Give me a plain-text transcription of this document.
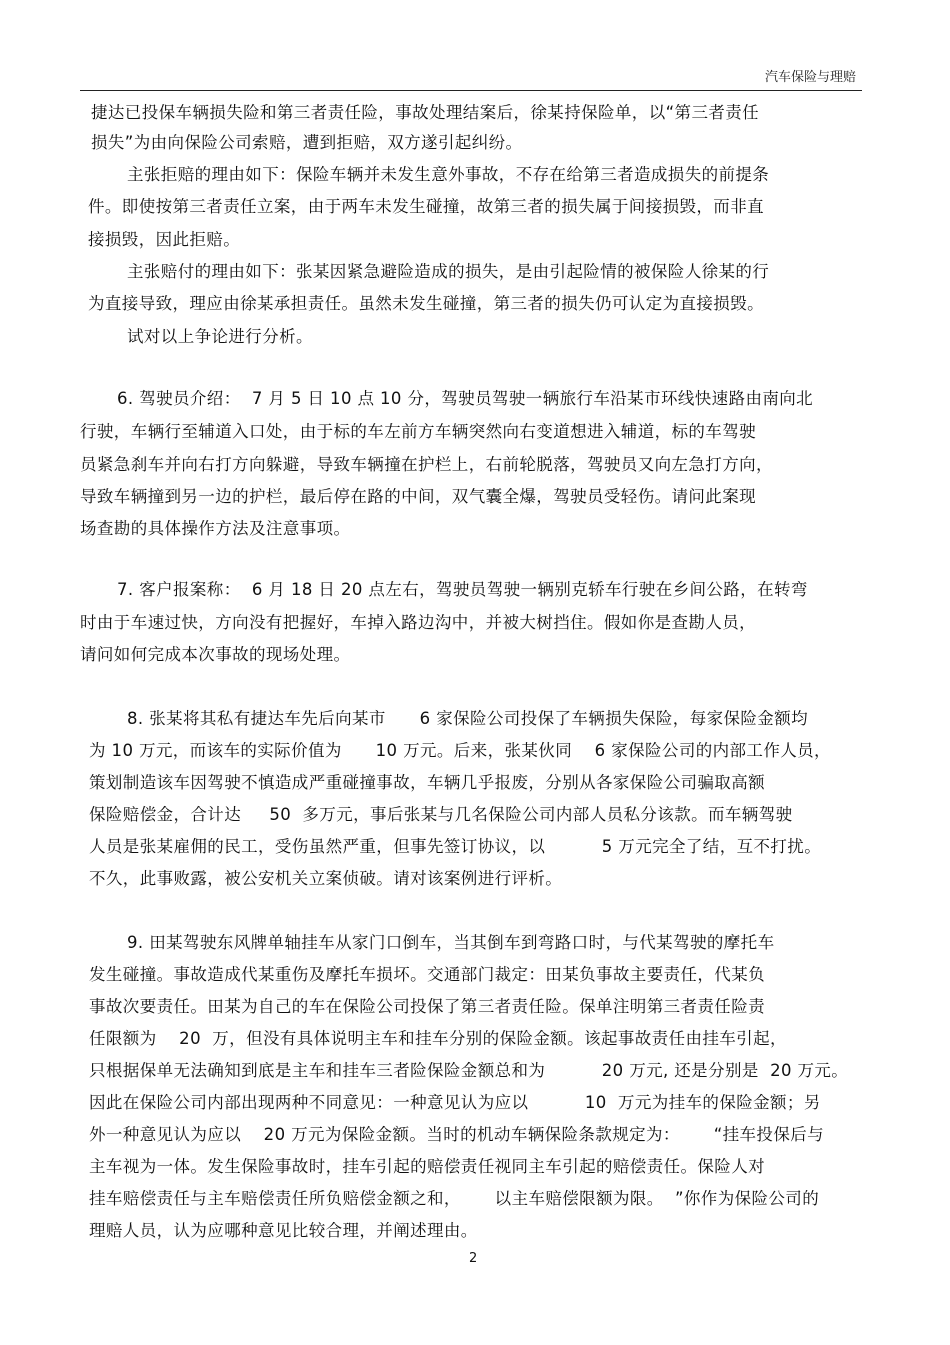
汽车保险与理赔
捷达已投保车辆损失险和第三者责任险，事故处理结案后，徐某持保险单，以“第三者责任
损失”为由向保险公司索赔，遭到拒赔，双方遂引起纠纷。
主张拒赔的理由如下：保险车辆并未发生意外事故，不存在给第三者造成损失的前提条
件。即使按第三者责任立案，由于两车未发生碰撞，故第三者的损失属于间接损毁，而非直
接损毁，因此拒赔。
主张赔付的理由如下：张某因紧急避险造成的损失，是由引起险情的被保险人徐某的行
为直接导致，理应由徐某承担责任。虽然未发生碰撞，第三者的损失仍可认定为直接损毁。
试对以上争论进行分析。
6. 驾驶员介绍：  7 月 5 日 10 点 10 分，驾驶员驾驶一辆旅行车沿某市环线快速路由南向北
行驶，车辆行至辅道入口处，由于标的车左前方车辆突然向右变道想进入辅道，标的车驾驶
员紧急刹车并向右打方向躲避，导致车辆撞在护栏上，右前轮脱落，驾驶员又向左急打方向，
导致车辆撞到另一边的护栏，最后停在路的中间，双气囊全爆，驾驶员受轻伤。请问此案现
场查勘的具体操作方法及注意事项。
7. 客户报案称：  6 月 18 日 20 点左右，驾驶员驾驶一辆别克轿车行驶在乡间公路，在转弯
时由于车速过快，方向没有把握好，车掉入路边沟中，并被大树挡住。假如你是查勘人员，
请问如何完成本次事故的现场处理。
8. 张某将其私有捷达车先后向某市      6 家保险公司投保了车辆损失保险，每家保险金额均
为 10 万元，而该车的实际价值为      10 万元。后来，张某伙同    6 家保险公司的内部工作人员，
策划制造该车因驾驶不慎造成严重碰撞事故，车辆几乎报废，分别从各家保险公司骗取高额
保险赔偿金，合计达     50  多万元，事后张某与几名保险公司内部人员私分该款。而车辆驾驶
人员是张某雇佣的民工，受伤虽然严重，但事先签订协议，以          5 万元完全了结，互不打扰。
不久，此事败露，被公安机关立案侦破。请对该案例进行评析。
9. 田某驾驶东风牌单轴挂车从家门口倒车，当其倒车到弯路口时，与代某驾驶的摩托车
发生碰撞。事故造成代某重伤及摩托车损坏。交通部门裁定：田某负事故主要责任，代某负
事故次要责任。田某为自己的车在保险公司投保了第三者责任险。保单注明第三者责任险责
任限额为    20  万，但没有具体说明主车和挂车分别的保险金额。该起事故责任由挂车引起，
只根据保单无法确知到底是主车和挂车三者险保险金额总和为          20 万元, 还是分别是  20 万元。
因此在保险公司内部出现两种不同意见：一种意见认为应以          10  万元为挂车的保险金额；另
外一种意见认为应以    20 万元为保险金额。当时的机动车辆保险条款规定为：      “挂车投保后与
主车视为一体。发生保险事故时，挂车引起的赔偿责任视同主车引起的赔偿责任。保险人对
挂车赔偿责任与主车赔偿责任所负赔偿金额之和，      以主车赔偿限额为限。  ”你作为保险公司的
理赔人员，认为应哪种意见比较合理，并阐述理由。
2
